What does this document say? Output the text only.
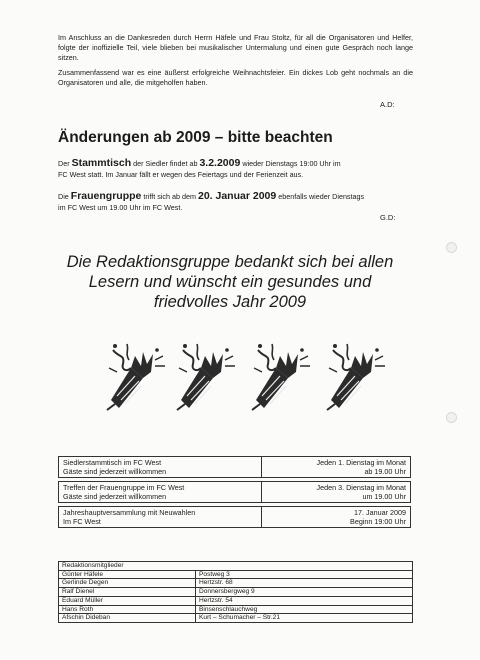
Im Anschluss an die Dankesreden durch Herrn Häfele und Frau Stoltz, für all die Organisatoren und Helfer, folgte der inoffizielle Teil, viele blieben bei musikalischer Untermalung und einen gute Gespräch noch lange sitzen.

Zusammenfassend war es eine äußerst erfolgreiche Weihnachtsfeier. Ein dickes Lob geht nochmals an die Organisatoren und alle, die mitgeholfen haben.

A.D:
Änderungen ab 2009 – bitte beachten
Der Stammtisch der Siedler findet ab 3.2.2009 wieder Dienstags 19:00 Uhr im
FC West statt. Im Januar fällt er wegen des Feiertags und der Ferienzeit aus.
Die Frauengruppe trifft sich ab dem 20. Januar 2009 ebenfalls wieder Dienstags
im FC West um 19.00 Uhr im FC West.
G.D:

Die Redaktionsgruppe bedankt sich bei allen
Lesern und wünscht ein gesundes und
friedvolles Jahr 2009

Siedlerstammtisch im FC West
Gäste sind jederzeit willkommen	Jeden 1. Dienstag im Monat
ab 19.00 Uhr

Treffen der Frauengruppe im FC West
Gäste sind jederzeit willkommen	Jeden 3. Dienstag im Monat
um 19.00 Uhr

Jahreshauptversammlung mit Neuwahlen
Im FC West	17. Januar 2009
Beginn 19:00 Uhr
Redaktionsmitglieder	
Günter Häfele	Postweg 3
Gerlinde Degen	Hertzstr. 68
Ralf Dienel	Donnersbergweg 9
Eduard Müller	Hertzstr. 54
Hans Roth	Binsenschlauchweg
Afschin Dideban	Kurt – Schumacher – Str.21
